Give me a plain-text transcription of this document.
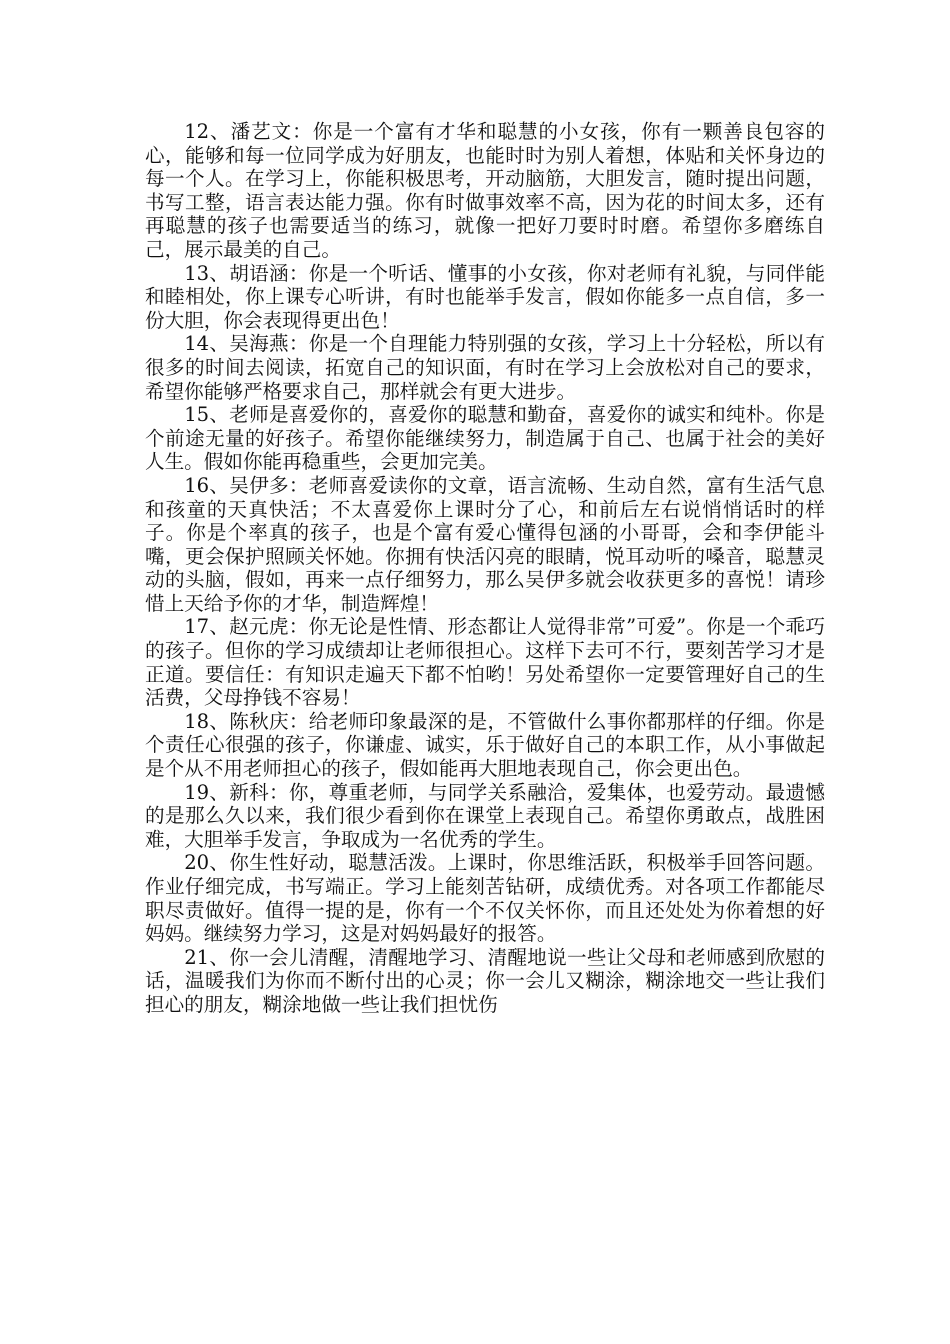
12、潘艺文：你是一个富有才华和聪慧的小女孩，你有一颗善良包容的心，能够和每一位同学成为好朋友，也能时时为别人着想，体贴和关怀身边的每一个人。在学习上，你能积极思考，开动脑筋，大胆发言，随时提出问题，书写工整，语言表达能力强。你有时做事效率不高，因为花的时间太多，还有再聪慧的孩子也需要适当的练习，就像一把好刀要时时磨。希望你多磨练自己，展示最美的自己。

13、胡语涵：你是一个听话、懂事的小女孩，你对老师有礼貌，与同伴能和睦相处，你上课专心听讲，有时也能举手发言，假如你能多一点自信，多一份大胆，你会表现得更出色！

14、吴海燕：你是一个自理能力特别强的女孩，学习上十分轻松，所以有很多的时间去阅读，拓宽自己的知识面，有时在学习上会放松对自己的要求，希望你能够严格要求自己，那样就会有更大进步。

15、老师是喜爱你的，喜爱你的聪慧和勤奋，喜爱你的诚实和纯朴。你是个前途无量的好孩子。希望你能继续努力，制造属于自己、也属于社会的美好人生。假如你能再稳重些，会更加完美。

16、吴伊多：老师喜爱读你的文章，语言流畅、生动自然，富有生活气息和孩童的天真快活；不太喜爱你上课时分了心，和前后左右说悄悄话时的样子。你是个率真的孩子，也是个富有爱心懂得包涵的小哥哥，会和李伊能斗嘴，更会保护照顾关怀她。你拥有快活闪亮的眼睛，悦耳动听的嗓音，聪慧灵动的头脑，假如，再来一点仔细努力，那么吴伊多就会收获更多的喜悦！请珍惜上天给予你的才华，制造辉煌！

17、赵元虎：你无论是性情、形态都让人觉得非常”可爱”。你是一个乖巧的孩子。但你的学习成绩却让老师很担心。这样下去可不行，要刻苦学习才是正道。要信任：有知识走遍天下都不怕哟！另处希望你一定要管理好自己的生活费，父母挣钱不容易！

18、陈秋庆：给老师印象最深的是，不管做什么事你都那样的仔细。你是个责任心很强的孩子，你谦虚、诚实，乐于做好自己的本职工作，从小事做起是个从不用老师担心的孩子，假如能再大胆地表现自己，你会更出色。

19、新科：你，尊重老师，与同学关系融洽，爱集体，也爱劳动。最遗憾的是那么久以来，我们很少看到你在课堂上表现自己。希望你勇敢点，战胜困难，大胆举手发言，争取成为一名优秀的学生。

20、你生性好动，聪慧活泼。上课时，你思维活跃，积极举手回答问题。作业仔细完成，书写端正。学习上能刻苦钻研，成绩优秀。对各项工作都能尽职尽责做好。值得一提的是，你有一个不仅关怀你，而且还处处为你着想的好妈妈。继续努力学习，这是对妈妈最好的报答。

21、你一会儿清醒，清醒地学习、清醒地说一些让父母和老师感到欣慰的话，温暖我们为你而不断付出的心灵；你一会儿又糊涂，糊涂地交一些让我们担心的朋友，糊涂地做一些让我们担忧伤
